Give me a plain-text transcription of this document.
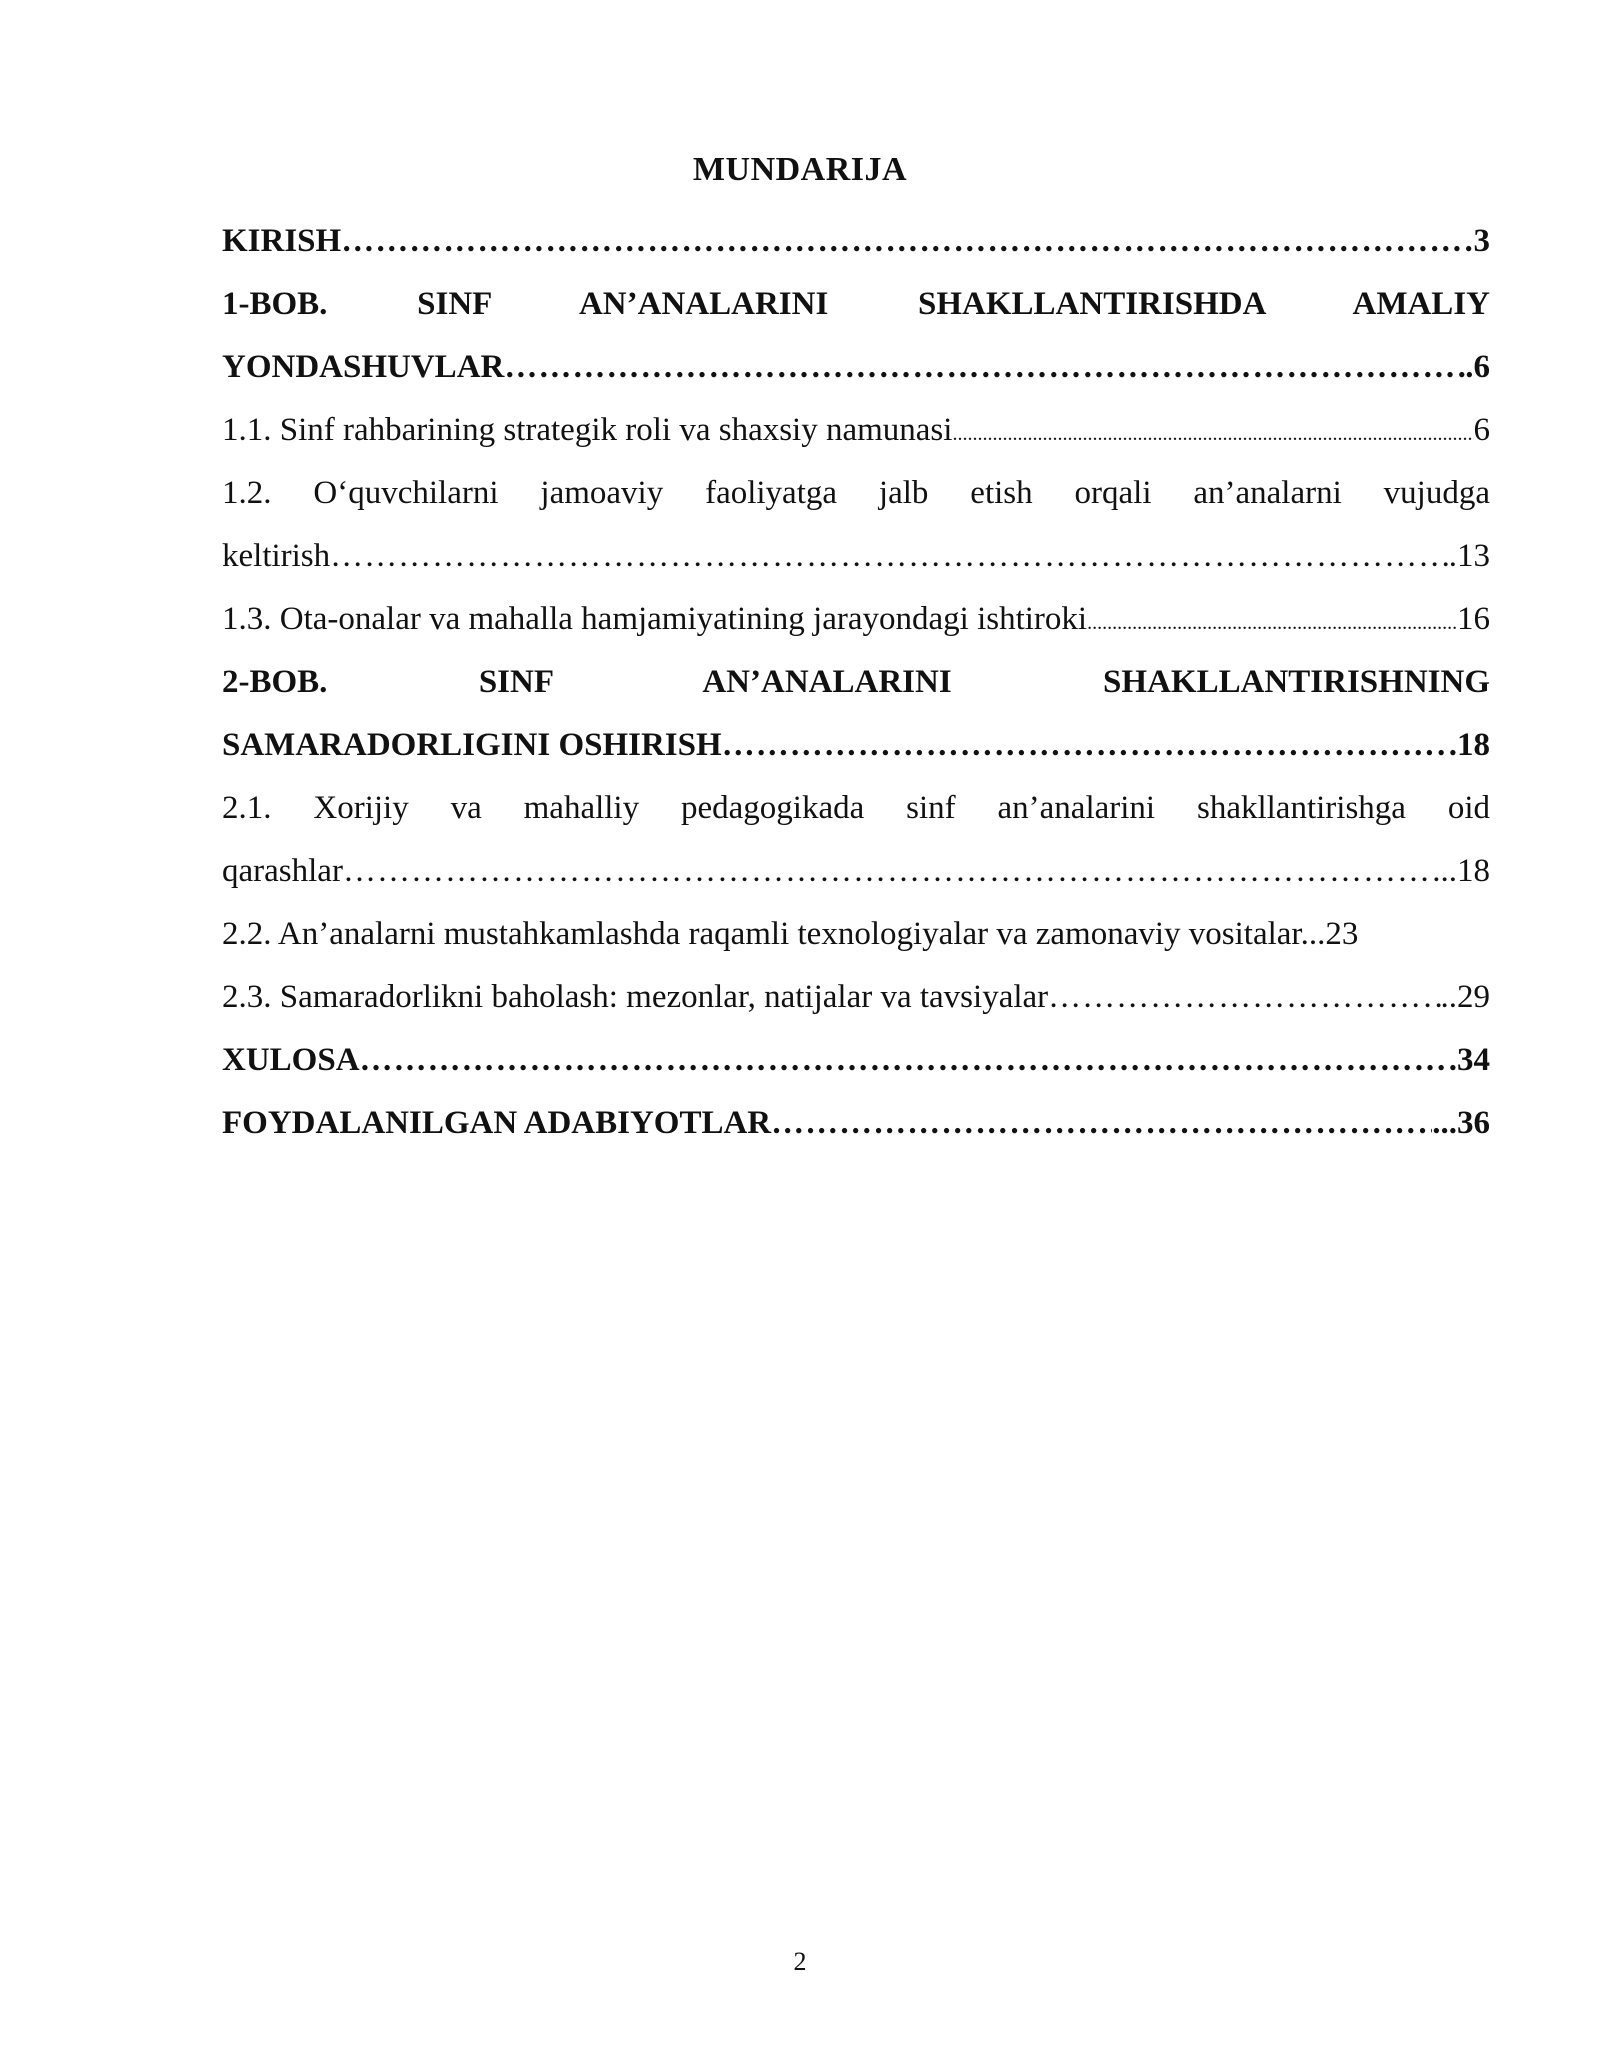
MUNDARIJA
KIRISH …………………………………………………………………………………………………………………………………………………………………………………	3
1-BOB. SINF AN’ANALARINI SHAKLLANTIRISHDA AMALIY
YONDASHUVLAR …………………………………………………………………………………………………………………………………………………………………………………	.6
1.1. Sinf rahbarining strategik roli va shaxsiy namunasi .....	6
1.2. O‘quvchilarni jamoaviy faoliyatga jalb etish orqali an’analarni vujudga
keltirish …………………………………………………………………………………………………………………………………………………………………………………	.13
1.3. Ota-onalar va mahalla hamjamiyatining jarayondagi ishtiroki .....	16
2-BOB. SINF AN’ANALARINI SHAKLLANTIRISHNING
SAMARADORLIGINI OSHIRISH …………………………………………………………………………………………………………………………………………………………………………………	.18
2.1. Xorijiy va mahalliy pedagogikada sinf an’analarini shakllantirishga oid
qarashlar …………………………………………………………………………………………………………………………………………………………………………………	...18
2.2. An’analarni mustahkamlashda raqamli texnologiyalar va zamonaviy vositalar...23
2.3. Samaradorlikni baholash: mezonlar, natijalar va tavsiyalar …………………………………………………………………………………………………………………………………………………………………………………	..29
XULOSA …………………………………………………………………………………………………………………………………………………………………………………	.34
FOYDALANILGAN ADABIYOTLAR …………………………………………………………………………………………………………………………………………………………………………………	...36
2
